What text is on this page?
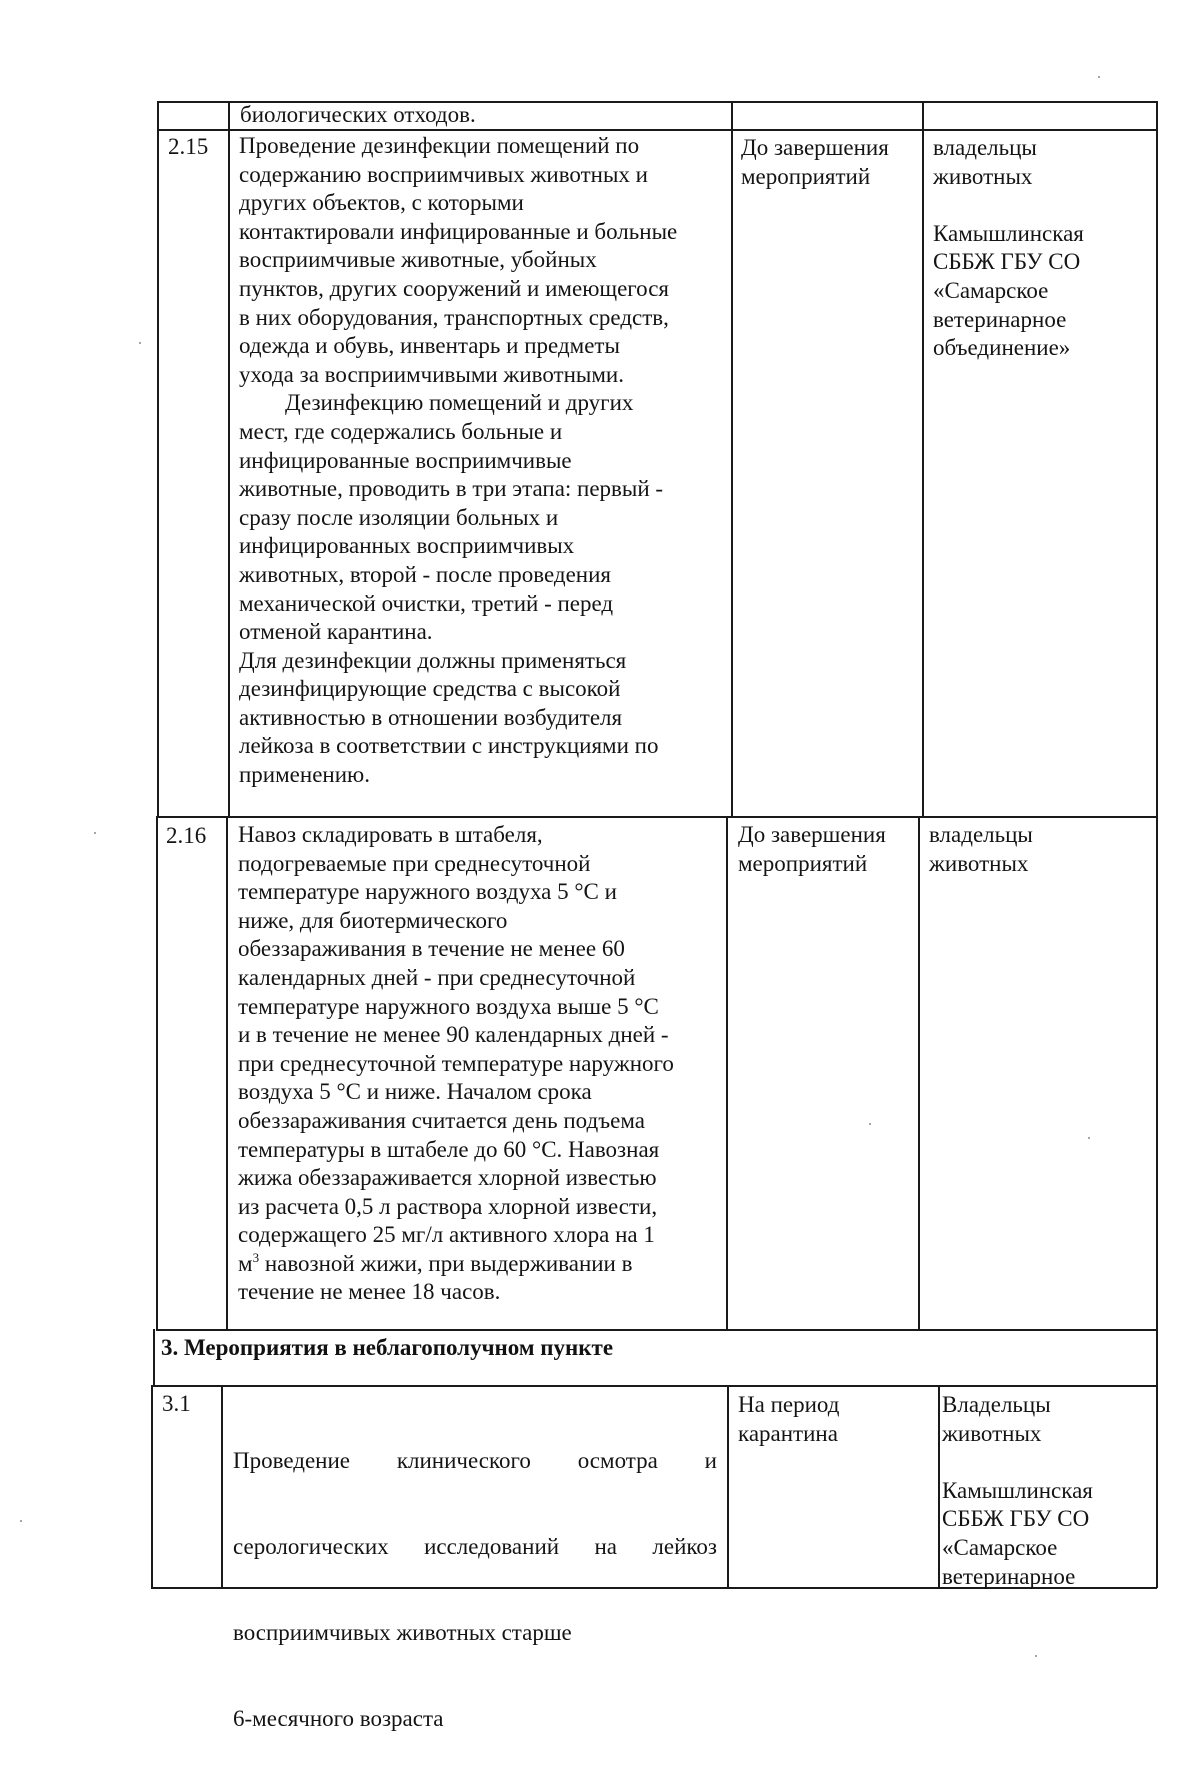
биологических отходов.
2.15 Проведение дезинфекции помещений по
содержанию восприимчивых животных и
других объектов, с которыми
контактировали инфицированные и больные
восприимчивые животные, убойных
пунктов, других сооружений и имеющегося
в них оборудования, транспортных средств,
одежда и обувь, инвентарь и предметы
ухода за восприимчивыми животными.
Дезинфекцию помещений и других
мест, где содержались больные и
инфицированные восприимчивые
животные, проводить в три этапа: первый -
сразу после изоляции больных и
инфицированных восприимчивых
животных, второй - после проведения
механической очистки, третий - перед
отменой карантина.
Для дезинфекции должны применяться
дезинфицирующие средства с высокой
активностью в отношении возбудителя
лейкоза в соответствии с инструкциями по
применению.
До завершения
мероприятий
владельцы
животных

Камышлинская
СББЖ ГБУ СО
«Самарское
ветеринарное
объединение»
2.16 Навоз складировать в штабеля,
подогреваемые при среднесуточной
температуре наружного воздуха 5 °С и
ниже, для биотермического
обеззараживания в течение не менее 60
календарных дней - при среднесуточной
температуре наружного воздуха выше 5 °С
и в течение не менее 90 календарных дней -
при среднесуточной температуре наружного
воздуха 5 °С и ниже. Началом срока
обеззараживания считается день подъема
температуры в штабеле до 60 °С. Навозная
жижа обеззараживается хлорной известью
из расчета 0,5 л раствора хлорной извести,
содержащего 25 мг/л активного хлора на 1
$м^3$ навозной жижи, при выдерживании в
течение не менее 18 часов.
До завершения
мероприятий
владельцы
животных
3. Мероприятия в неблагополучном пункте
3.1

Проведение клинического осмотра и

серологических исследований на лейкоз

восприимчивых животных старше

6-месячного возраста

На период
карантина
Владельцы
животных

Камышлинская
СББЖ ГБУ СО
«Самарское
ветеринарное
